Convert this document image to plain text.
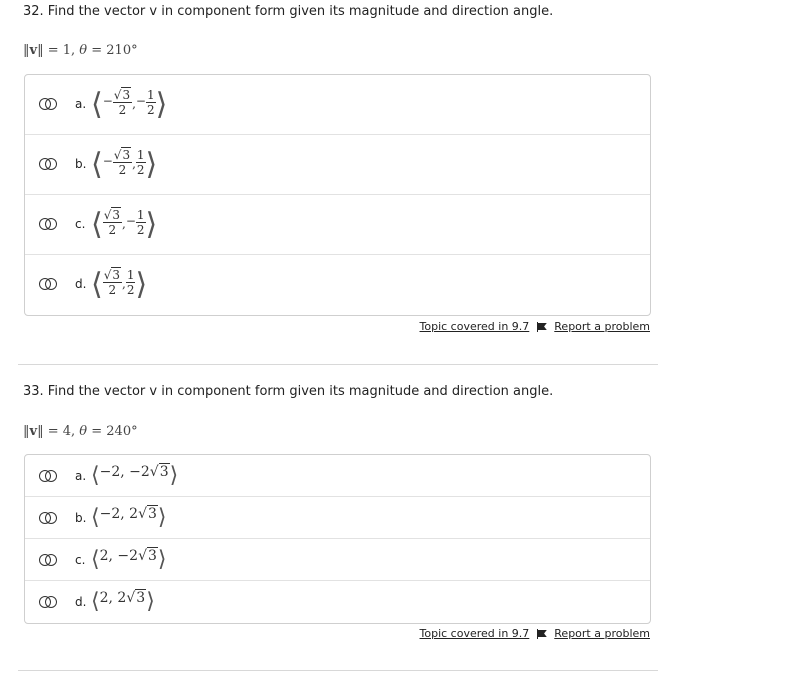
32. Find the vector v in component form given its magnitude and direction angle.
‖v‖ = 1, θ = 210°
a. ⟨− $\frac{√3}{2}$ ,− $\frac{1}{2}$ ⟩
b. ⟨− $\frac{√3}{2}$ , $\frac{1}{2}$ ⟩
c. ⟨ $\frac{√3}{2}$ ,− $\frac{1}{2}$ ⟩
d. ⟨ $\frac{√3}{2}$ , $\frac{1}{2}$ ⟩
Topic covered in 9.7 Report a problem
33. Find the vector v in component form given its magnitude and direction angle.
‖v‖ = 4, θ = 240°
a. ⟨−2, −2√3⟩
b. ⟨−2, 2√3⟩
c. ⟨2, −2√3⟩
d. ⟨2, 2√3⟩
Topic covered in 9.7 Report a problem
